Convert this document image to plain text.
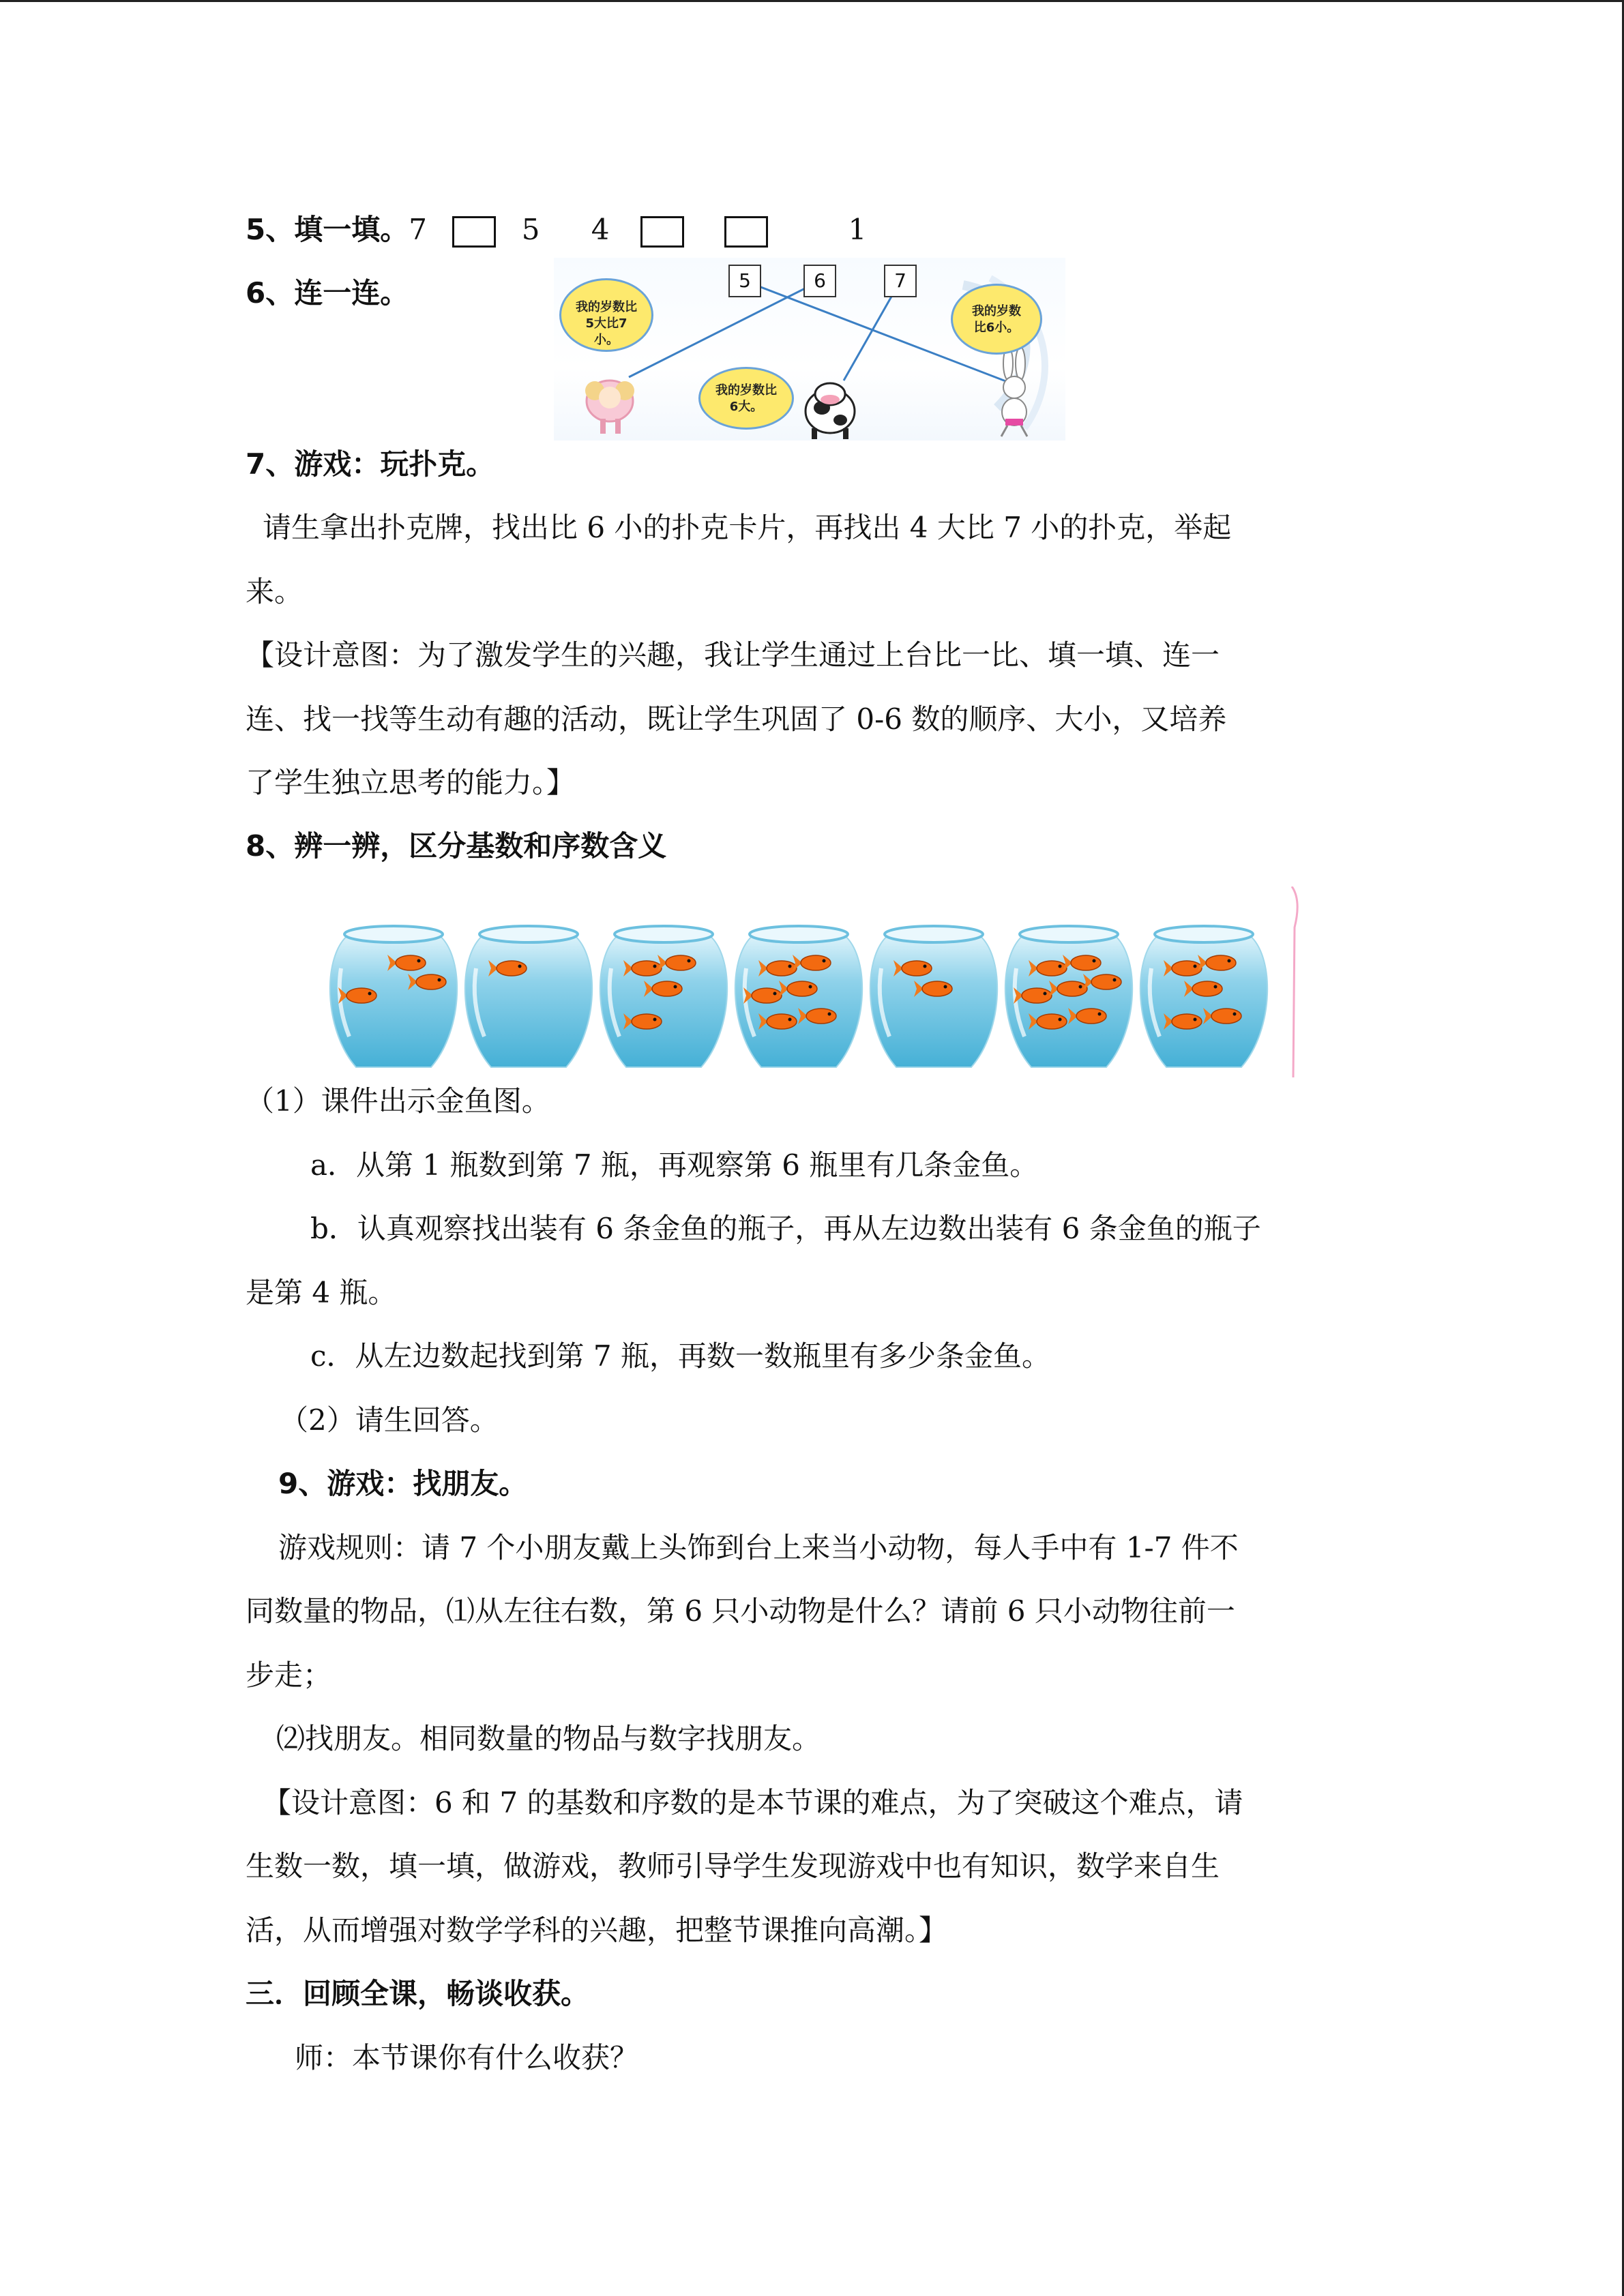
5、填一填。7	5 4	1
6、连一连。	5	6	7
我的岁数比5大比7小。
我的岁数比6大。
我的岁数比6小。
7、游戏：玩扑克。
请生拿出扑克牌，找出比 6 小的扑克卡片，再找出 4 大比 7 小的扑克，举起
来。
【设计意图：为了激发学生的兴趣，我让学生通过上台比一比、填一填、连一
连、找一找等生动有趣的活动，既让学生巩固了 0-6 数的顺序、大小，又培养
了学生独立思考的能力。】
8、辨一辨，区分基数和序数含义
（1）课件出示金鱼图。
a．从第 1 瓶数到第 7 瓶，再观察第 6 瓶里有几条金鱼。
b．认真观察找出装有 6 条金鱼的瓶子，再从左边数出装有 6 条金鱼的瓶子
是第 4 瓶。
c．从左边数起找到第 7 瓶，再数一数瓶里有多少条金鱼。
（2）请生回答。
9、游戏：找朋友。
游戏规则：请 7 个小朋友戴上头饰到台上来当小动物，每人手中有 1-7 件不
同数量的物品，⑴从左往右数，第 6 只小动物是什么？请前 6 只小动物往前一
步走；
⑵找朋友。相同数量的物品与数字找朋友。
【设计意图：6 和 7 的基数和序数的是本节课的难点，为了突破这个难点，请
生数一数，填一填，做游戏，教师引导学生发现游戏中也有知识，数学来自生
活，从而增强对数学学科的兴趣，把整节课推向高潮。】
三．回顾全课，畅谈收获。
师：本节课你有什么收获？
